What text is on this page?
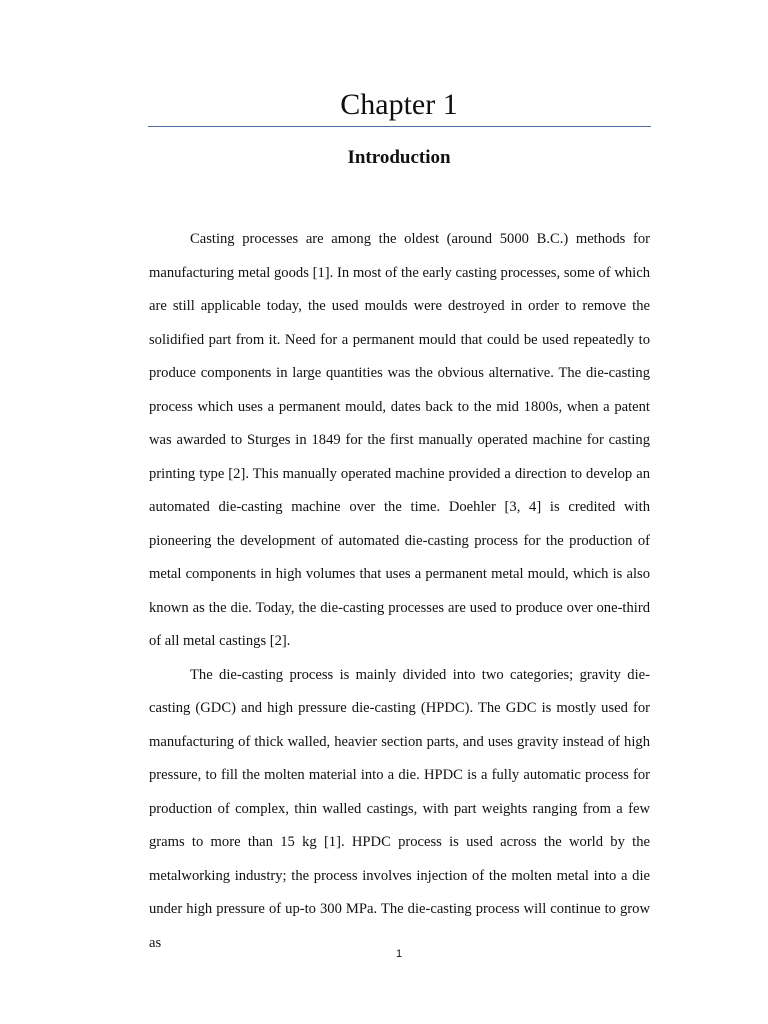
Chapter 1
Introduction

Casting processes are among the oldest (around 5000 B.C.) methods for manufacturing metal goods [1]. In most of the early casting processes, some of which are still applicable today, the used moulds were destroyed in order to remove the solidified part from it. Need for a permanent mould that could be used repeatedly to produce components in large quantities was the obvious alternative. The die-casting process which uses a permanent mould, dates back to the mid 1800s, when a patent was awarded to Sturges in 1849 for the first manually operated machine for casting printing type [2]. This manually operated machine provided a direction to develop an automated die-casting machine over the time. Doehler [3, 4] is credited with pioneering the development of automated die-casting process for the production of metal components in high volumes that uses a permanent metal mould, which is also known as the die. Today, the die-casting processes are used to produce over one-third of all metal castings [2].

The die-casting process is mainly divided into two categories; gravity die-casting (GDC) and high pressure die-casting (HPDC). The GDC is mostly used for manufacturing of thick walled, heavier section parts, and uses gravity instead of high pressure, to fill the molten material into a die. HPDC is a fully automatic process for production of complex, thin walled castings, with part weights ranging from a few grams to more than 15 kg [1]. HPDC process is used across the world by the metalworking industry; the process involves injection of the molten metal into a die under high pressure of up-to 300 MPa. The die-casting process will continue to grow as

1
